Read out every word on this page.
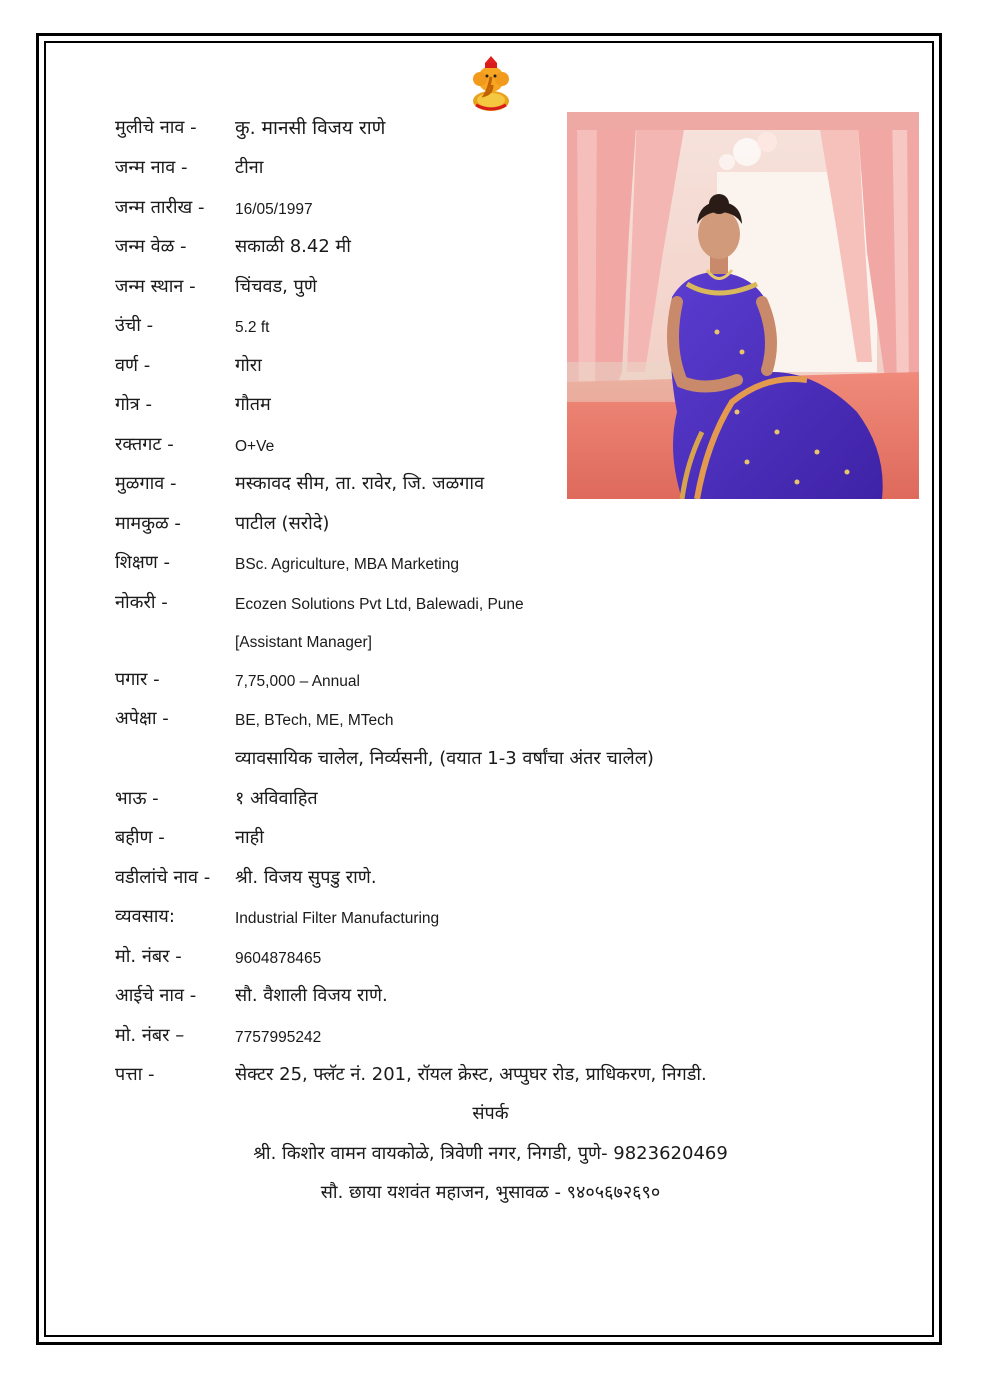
मुलीचे नाव - कु. मानसी विजय राणे
जन्म नाव -	टीना
जन्म तारीख - 16/05/1997
जन्म वेळ -	सकाळी 8.42 मी
जन्म स्थान - चिंचवड, पुणे
उंची -	5.2 ft
वर्ण -	गोरा
गोत्र -	गौतम
रक्तगट -	O+Ve
मुळगाव -	मस्कावद सीम, ता. रावेर, जि. जळगाव
मामकुळ -	पाटील (सरोदे)
शिक्षण -	BSc. Agriculture, MBA Marketing
नोकरी -	Ecozen Solutions Pvt Ltd, Balewadi, Pune
[Assistant Manager]
पगार -	7,75,000 – Annual
अपेक्षा -	BE, BTech, ME, MTech
व्यावसायिक चालेल, निर्व्यसनी, (वयात 1-3 वर्षांचा अंतर चालेल)
भाऊ -	१ अविवाहित
बहीण -	नाही
वडीलांचे नाव - श्री. विजय सुपडु राणे.
व्यवसाय:	Industrial Filter Manufacturing
मो. नंबर -	9604878465
आईचे नाव - सौ. वैशाली विजय राणे.
मो. नंबर –	7757995242
पत्ता -	सेक्टर 25, फ्लॅट नं. 201, रॉयल क्रेस्ट, अप्पुघर रोड, प्राधिकरण, निगडी.
संपर्क
श्री. किशोर वामन वायकोळे, त्रिवेणी नगर, निगडी, पुणे- 9823620469
सौ. छाया यशवंत महाजन, भुसावळ - ९४०५६७२६९०
